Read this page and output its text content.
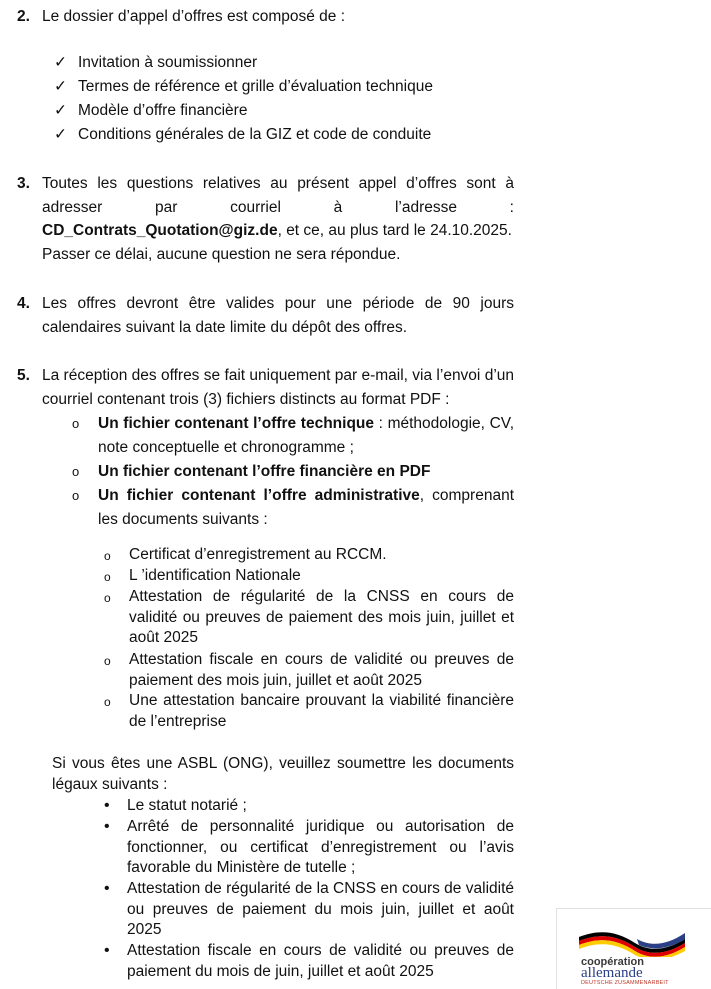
2. Le dossier d’appel d’offres est composé de :
✓ Invitation à soumissionner
✓ Termes de référence et grille d’évaluation technique
✓ Modèle d’offre financière
✓ Conditions générales de la GIZ et code de conduite
3. Toutes les questions relatives au présent appel d’offres sont à
adresser par courriel à l’adresse :
CD_Contrats_Quotation@giz.de, et ce, au plus tard le 24.10.2025.
Passer ce délai, aucune question ne sera répondue.
4. Les offres devront être valides pour une période de 90 jours calendaires suivant la date limite du dépôt des offres.
5. La réception des offres se fait uniquement par e-mail, via l’envoi d’un courriel contenant trois (3) fichiers distincts au format PDF :
o Un fichier contenant l’offre technique : méthodologie, CV, note conceptuelle et chronogramme ;
o Un fichier contenant l’offre financière en PDF
o Un fichier contenant l’offre administrative, comprenant les documents suivants :
o Certificat d’enregistrement au RCCM.
o L ’identification Nationale
o Attestation de régularité de la CNSS en cours de validité ou preuves de paiement des mois juin, juillet et août 2025
o Attestation fiscale en cours de validité ou preuves de paiement des mois juin, juillet et août 2025
o Une attestation bancaire prouvant la viabilité financière de l’entreprise
Si vous êtes une ASBL (ONG), veuillez soumettre les documents légaux suivants :
• Le statut notarié ;
• Arrêté de personnalité juridique ou autorisation de fonctionner, ou certificat d’enregistrement ou l’avis favorable du Ministère de tutelle ;
• Attestation de régularité de la CNSS en cours de validité ou preuves de paiement du mois juin, juillet et août 2025
• Attestation fiscale en cours de validité ou preuves de paiement du mois de juin, juillet et août 2025
coopération
allemande
DEUTSCHE ZUSAMMENARBEIT
